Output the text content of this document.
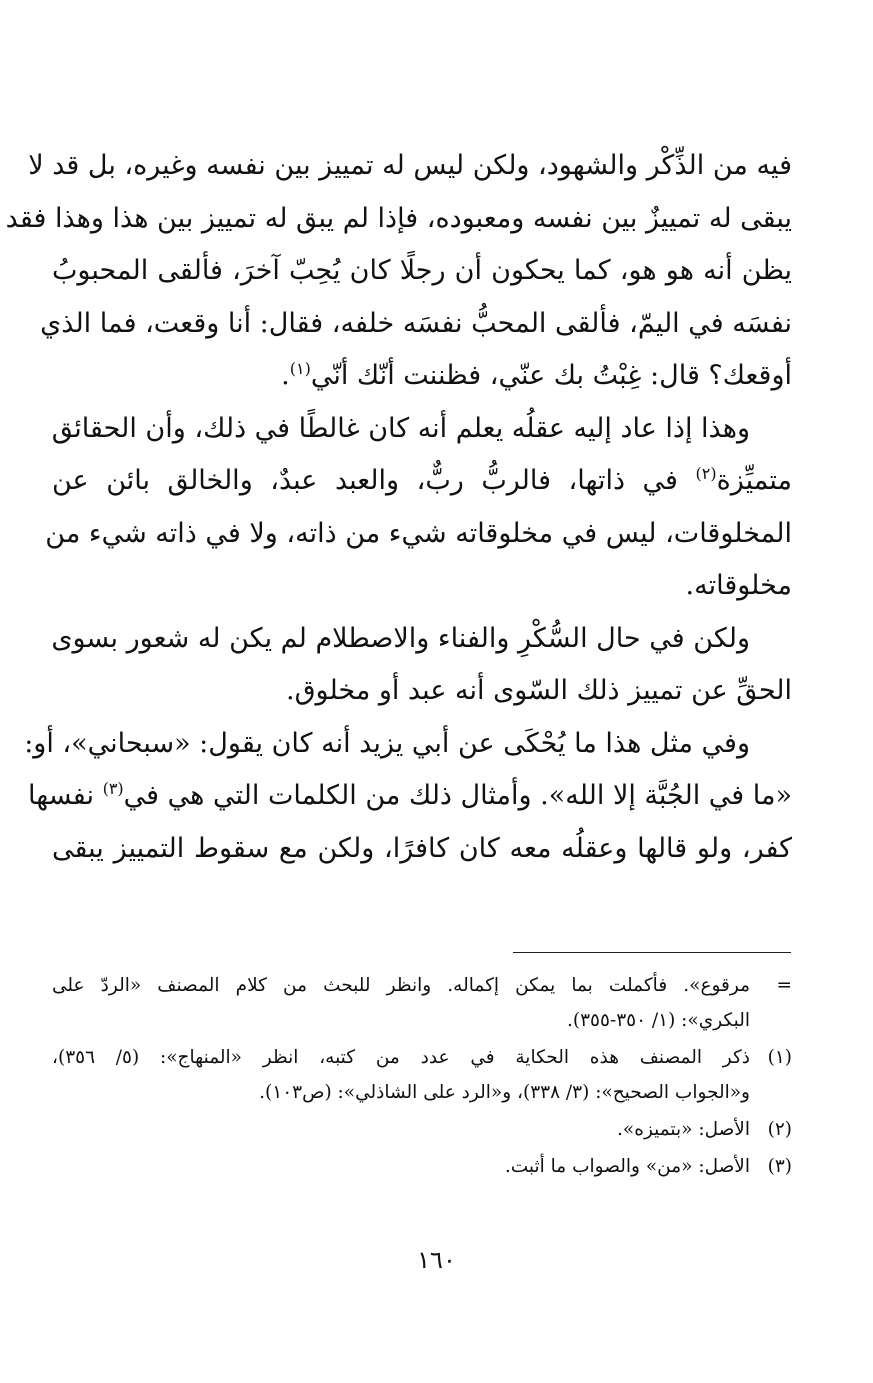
فيه من الذِّكْر والشهود، ولكن ليس له تمييز بين نفسه وغيره، بل قد لا
يبقى له تمييزٌ بين نفسه ومعبوده، فإذا لم يبق له تمييز بين هذا وهذا فقد
يظن أنه هو هو، كما يحكون أن رجلًا كان يُحِبّ آخرَ، فألقى المحبوبُ
نفسَه في اليمّ، فألقى المحبُّ نفسَه خلفه، فقال: أنا وقعت، فما الذي
أوقعك؟ قال: غِبْتُ بك عنّي، فظننت أنّك أنّي$^{(١)}$.
وهذا إذا عاد إليه عقلُه يعلم أنه كان غالطًا في ذلك، وأن الحقائق
متميِّزة$^{(٢)}$ في ذاتها، فالربُّ ربٌّ، والعبد عبدٌ، والخالق بائن عن
المخلوقات، ليس في مخلوقاته شيء من ذاته، ولا في ذاته شيء من
مخلوقاته.
ولكن في حال السُّكْرِ والفناء والاصطلام لم يكن له شعور بسوى
الحقِّ عن تمييز ذلك السّوى أنه عبد أو مخلوق.
وفي مثل هذا ما يُحْكَى عن أبي يزيد أنه كان يقول: «سبحاني»، أو:
«ما في الجُبَّة إلا الله». وأمثال ذلك من الكلمات التي هي في$^{(٣)}$ نفسها
كفر، ولو قالها وعقلُه معه كان كافرًا، ولكن مع سقوط التمييز يبقى
=
مرقوع». فأكملت بما يمكن إكماله. وانظر للبحث من كلام المصنف «الردّ على
البكري»: (١/ ٣٥٠-٣٥٥).
(١)
ذكر المصنف هذه الحكاية في عدد من كتبه، انظر «المنهاج»: (٥/ ٣٥٦)،
و«الجواب الصحيح»: (٣/ ٣٣٨)، و«الرد على الشاذلي»: (ص١٠٣).
(٢)
الأصل: «بتميزه».
(٣)
الأصل: «من» والصواب ما أثبت.
١٦٠
